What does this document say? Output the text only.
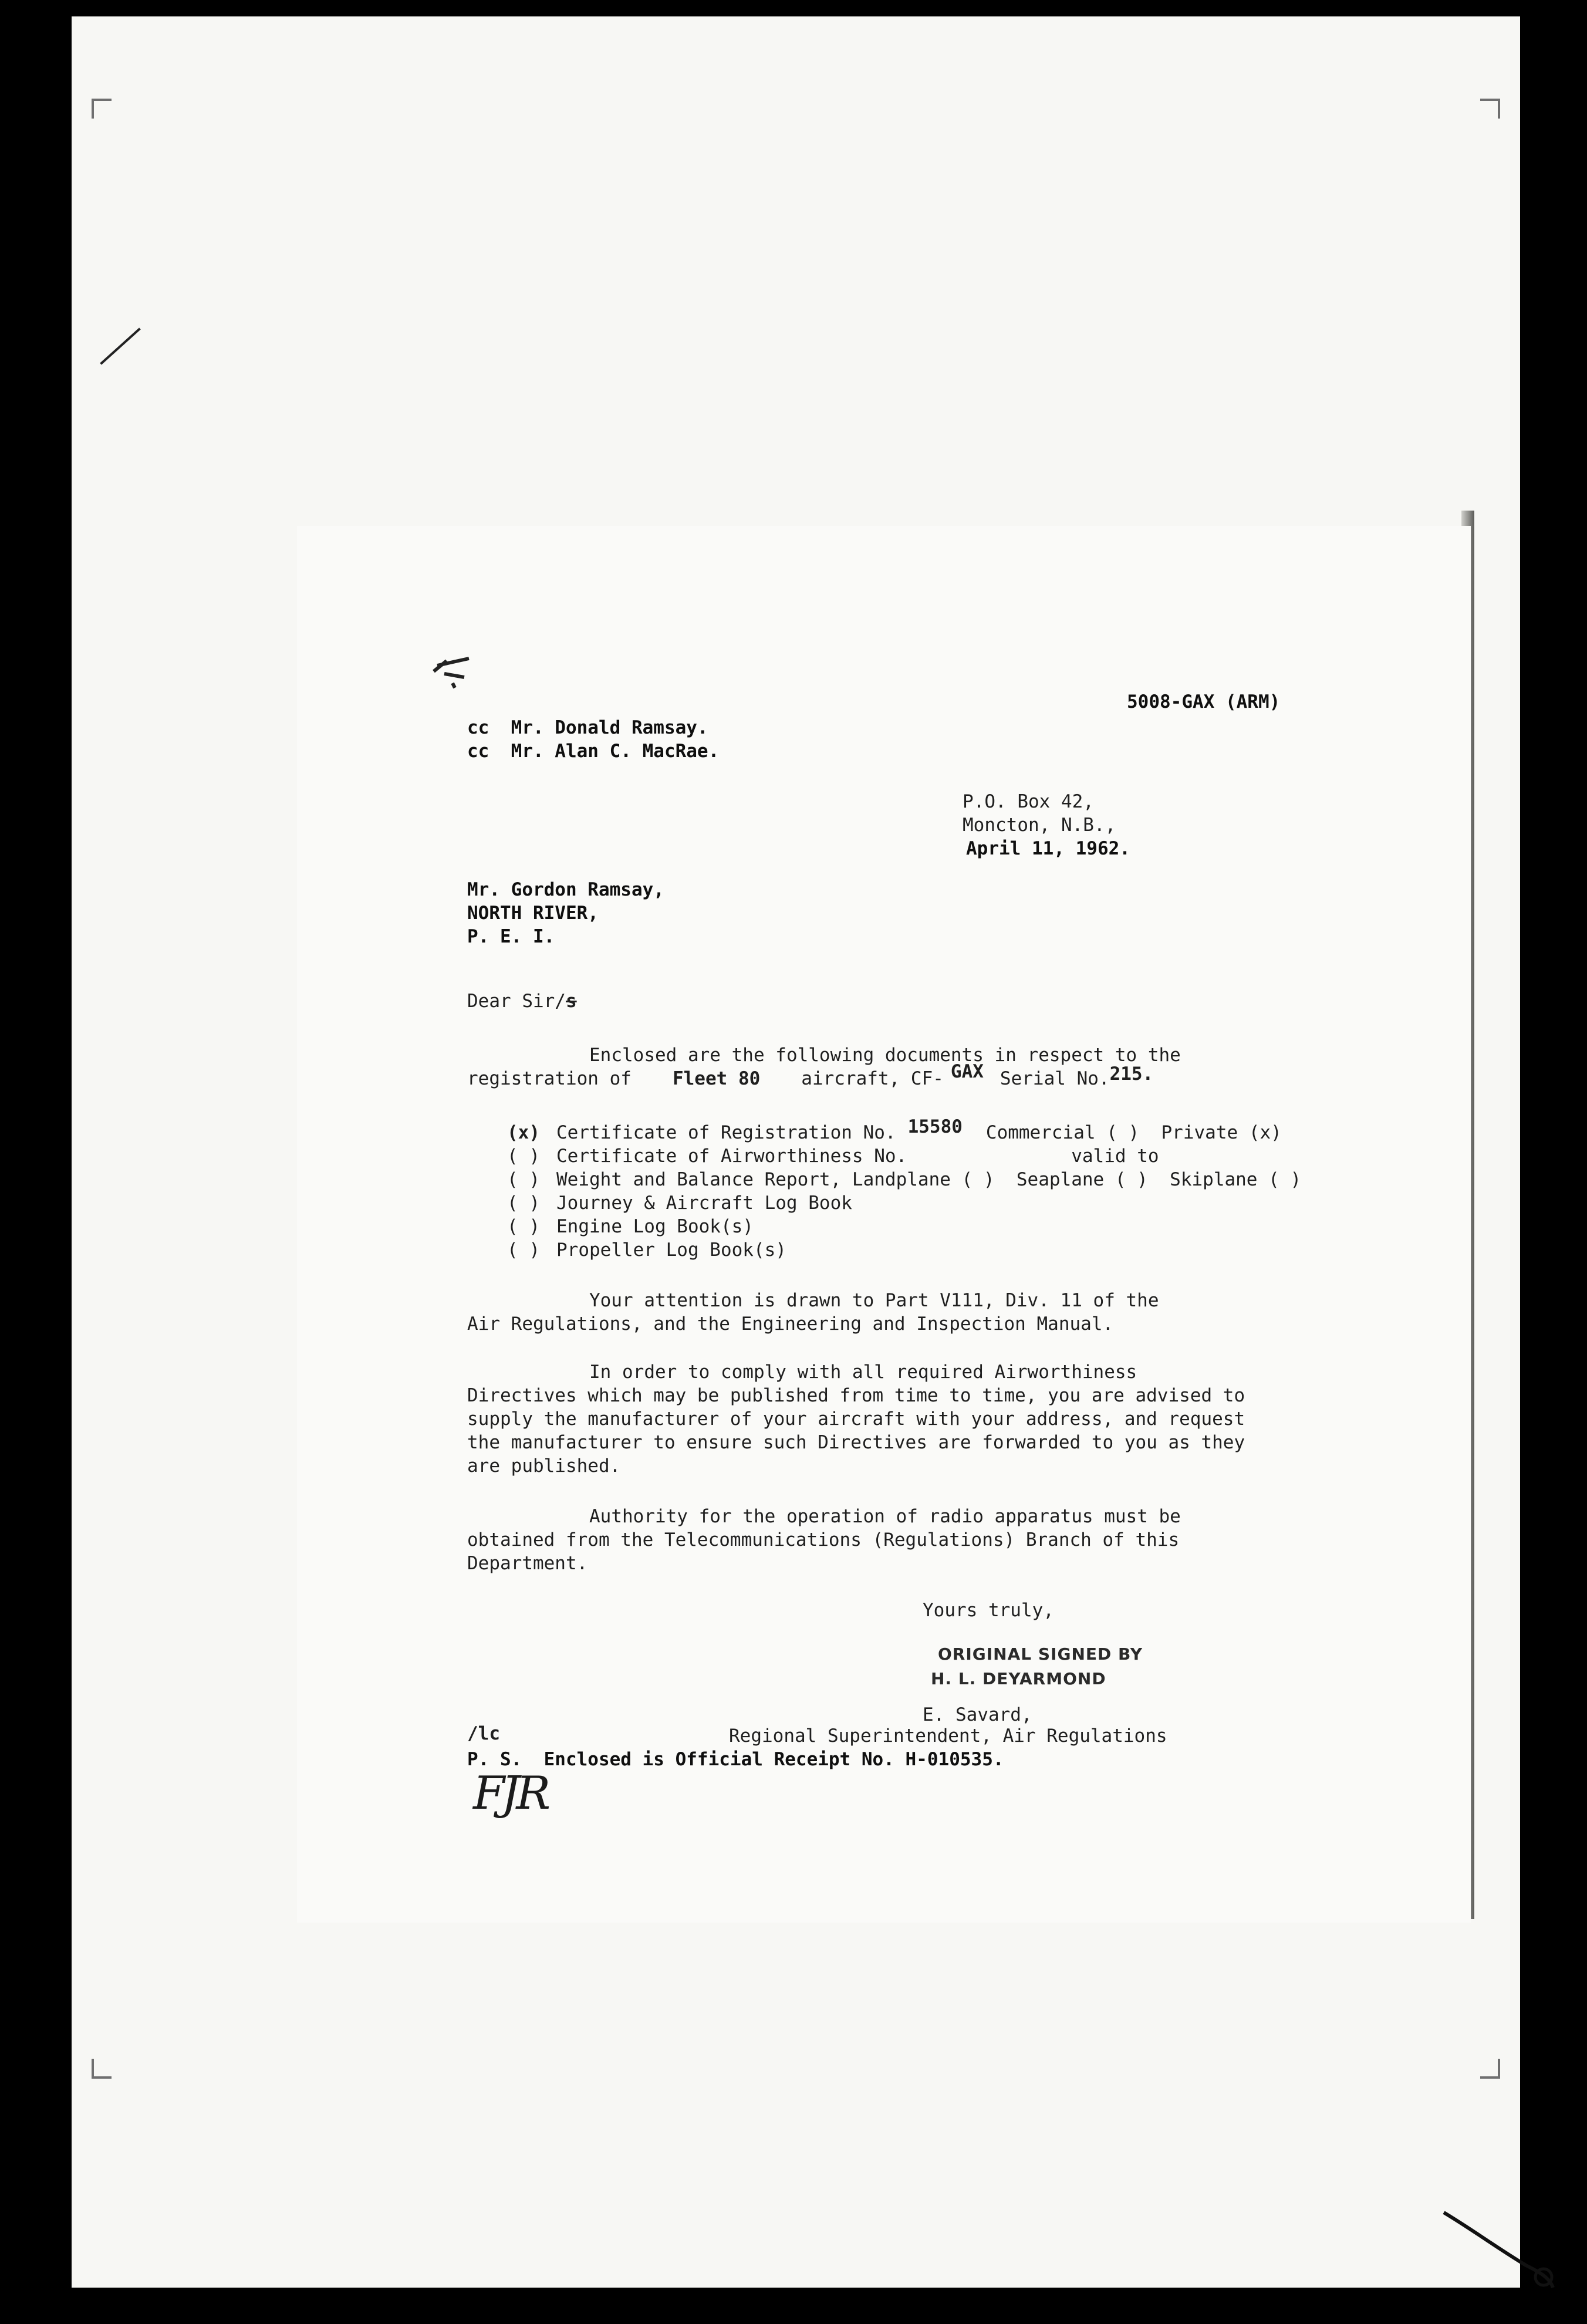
5008-GAX (ARM)
cc  Mr. Donald Ramsay.
cc  Mr. Alan C. MacRae.
P.O. Box 42,
Moncton, N.B.,
April 11, 1962.
Mr. Gordon Ramsay,
NORTH RIVER,
P. E. I.
Dear Sir/s
Enclosed are the following documents in respect to the
registration of Fleet 80 aircraft, CF- GAX Serial No.215.
(x) Certificate of Registration No. 15580 Commercial ( )  Private (x)
( ) Certificate of Airworthiness No.	valid to
( ) Weight and Balance Report, Landplane ( )  Seaplane ( )  Skiplane ( )
( ) Journey & Aircraft Log Book
( ) Engine Log Book(s)
( ) Propeller Log Book(s)
Your attention is drawn to Part V111, Div. 11 of the
Air Regulations, and the Engineering and Inspection Manual.
In order to comply with all required Airworthiness
Directives which may be published from time to time, you are advised to
supply the manufacturer of your aircraft with your address, and request
the manufacturer to ensure such Directives are forwarded to you as they
are published.
Authority for the operation of radio apparatus must be
obtained from the Telecommunications (Regulations) Branch of this
Department.
Yours truly,
ORIGINAL SIGNED BY
H. L. DEYARMOND
E. Savard,
/lc	Regional Superintendent, Air Regulations
P. S.  Enclosed is Official Receipt No. H-010535.
FJR
